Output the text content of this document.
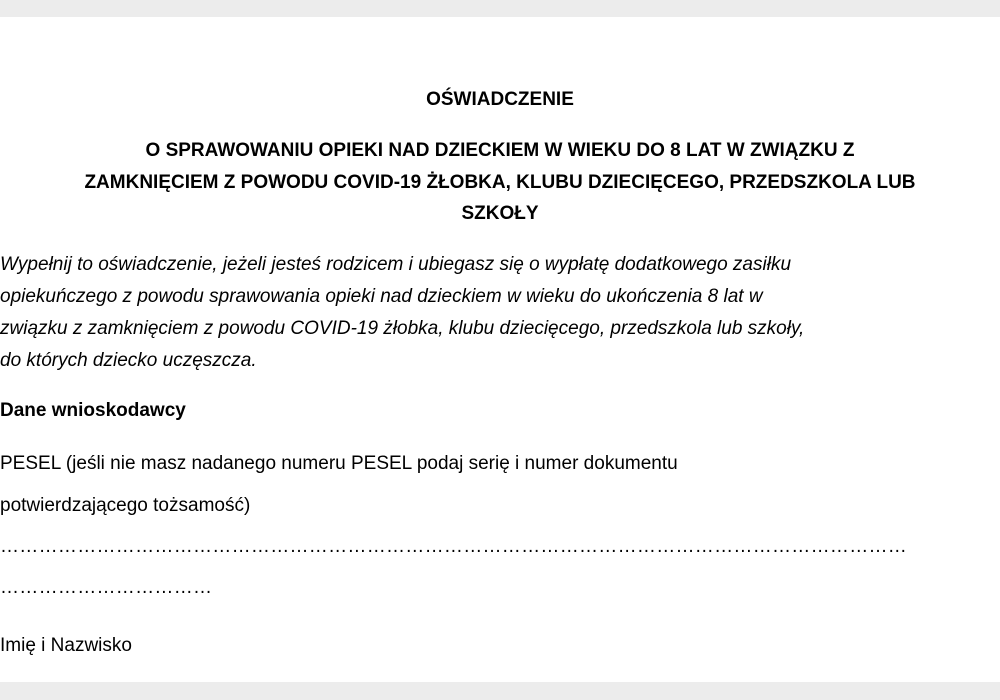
OŚWIADCZENIE
O SPRAWOWANIU OPIEKI NAD DZIECKIEM W WIEKU DO 8 LAT W ZWIĄZKU Z
ZAMKNIĘCIEM Z POWODU COVID-19 ŻŁOBKA, KLUBU DZIECIĘCEGO, PRZEDSZKOLA LUB
SZKOŁY
Wypełnij to oświadczenie, jeżeli jesteś rodzicem i ubiegasz się o wypłatę dodatkowego zasiłku
opiekuńczego z powodu sprawowania opieki nad dzieckiem w wieku do ukończenia 8 lat w
związku z zamknięciem z powodu COVID-19 żłobka, klubu dziecięcego, przedszkola lub szkoły,
do których dziecko uczęszcza.
Dane wnioskodawcy
PESEL (jeśli nie masz nadanego numeru PESEL podaj serię i numer dokumentu
potwierdzającego tożsamość)
……………………………………………………………………………………………………………………………
……………………………
Imię i Nazwisko
